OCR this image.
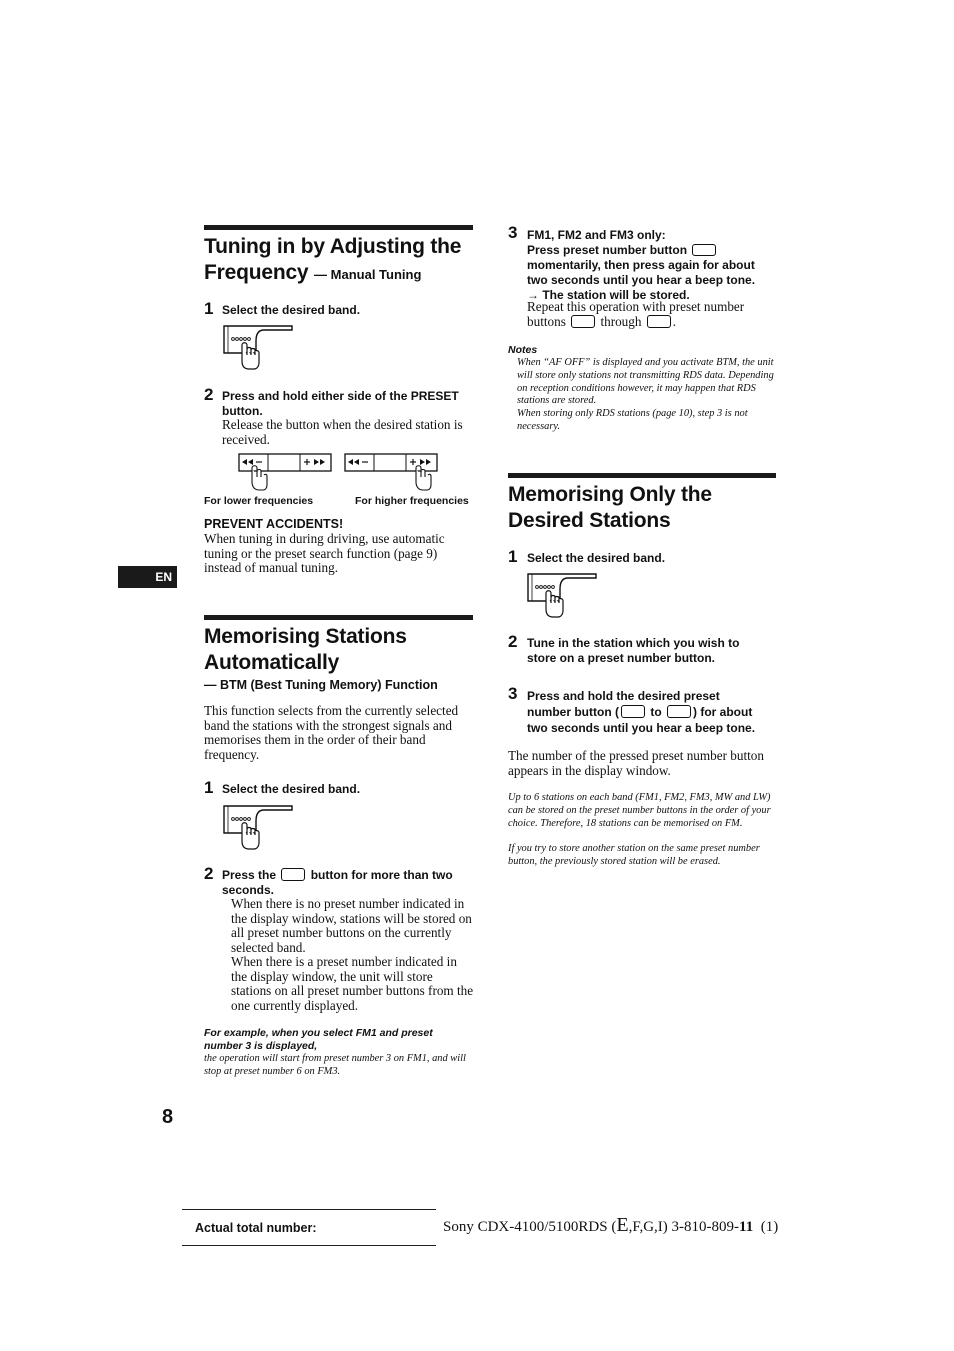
Tuning in by Adjusting the
Frequency — Manual Tuning
1 Select the desired band.
2 Press and hold either side of the PRESET
button.
Release the button when the desired station is received.
For lower frequencies	For higher frequencies
PREVENT ACCIDENTS!
When tuning in during driving, use automatic tuning or the preset search function (page 9) instead of manual tuning.
EN
Memorising Stations
Automatically
— BTM (Best Tuning Memory) Function
This function selects from the currently selected band the stations with the strongest signals and memorises them in the order of their band frequency.
1 Select the desired band.
2 Press the	button for more than two
seconds.
When there is no preset number indicated in the display window, stations will be stored on all preset number buttons on the currently selected band.
When there is a preset number indicated in the display window, the unit will store stations on all preset number buttons from the one currently displayed.
For example, when you select FM1 and preset number 3 is displayed,
the operation will start from preset number 3 on FM1, and will stop at preset number 6 on FM3.
3 FM1, FM2 and FM3 only:
Press preset number button
momentarily, then press again for about
two seconds until you hear a beep tone.
→ The station will be stored.
Repeat this operation with preset number
buttons	through .
Notes
When “AF OFF” is displayed and you activate BTM, the unit will store only stations not transmitting RDS data. Depending on reception conditions however, it may happen that RDS stations are stored.
When storing only RDS stations (page 10), step 3 is not necessary.
Memorising Only the
Desired Stations
1 Select the desired band.
2 Tune in the station which you wish to
store on a preset number button.
3 Press and hold the desired preset
number button (	to	) for about
two seconds until you hear a beep tone.
The number of the pressed preset number button appears in the display window.
Up to 6 stations on each band (FM1, FM2, FM3, MW and LW) can be stored on the preset number buttons in the order of your choice. Therefore, 18 stations can be memorised on FM.
If you try to store another station on the same preset number button, the previously stored station will be erased.
8
Actual total number:	Sony CDX-4100/5100RDS (E,F,G,I) 3-810-809-11  (1)
